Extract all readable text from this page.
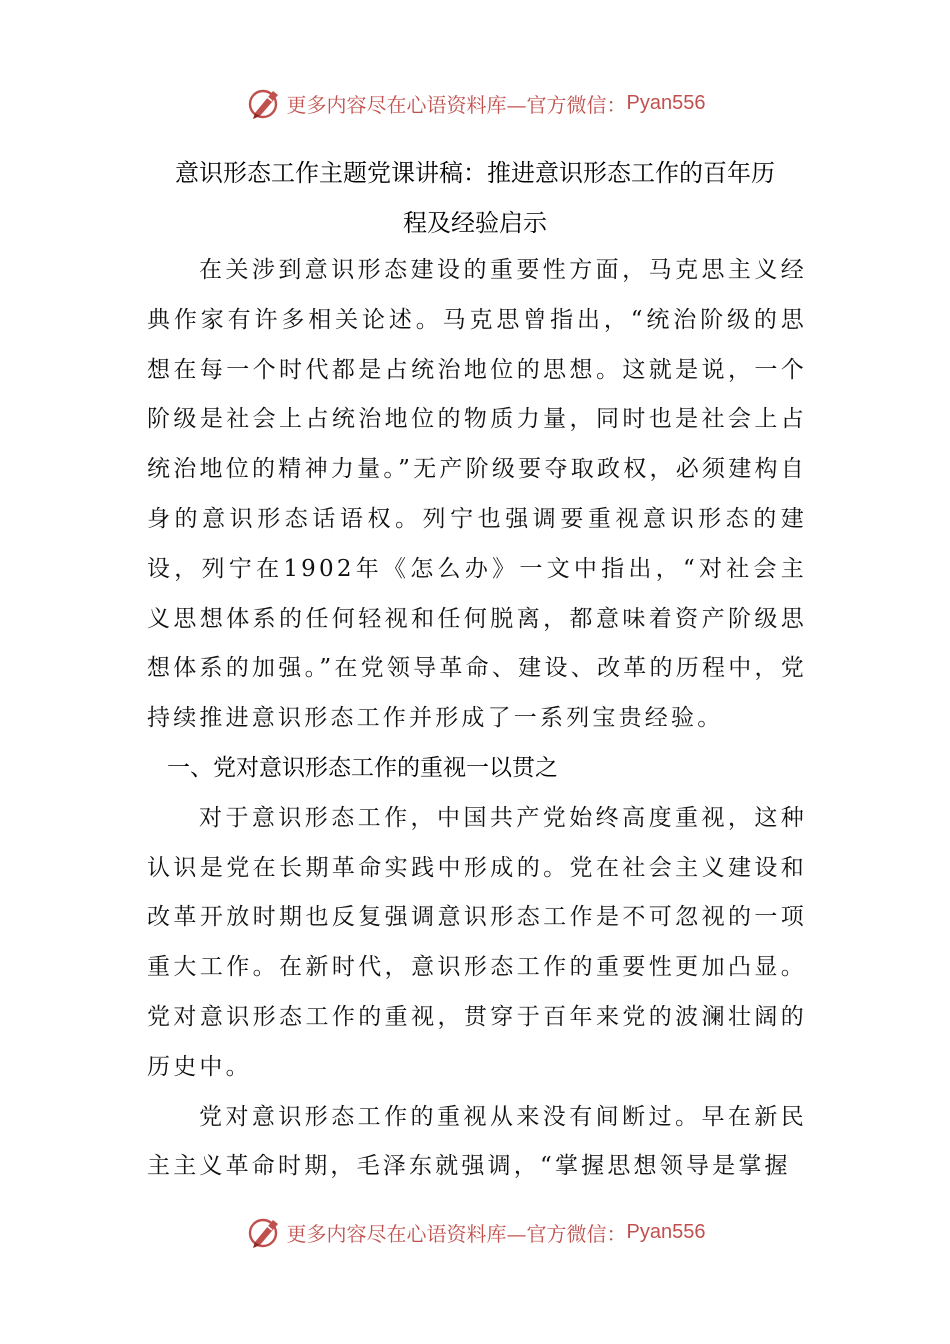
更多内容尽在心语资料库—官方微信： Pyan556
意识形态工作主题党课讲稿：推进意识形态工作的百年历
程及经验启示

在关涉到意识形态建设的重要性方面，马克思主义经典作家有许多相关论述。马克思曾指出，“统治阶级的思想在每一个时代都是占统治地位的思想。这就是说，一个阶级是社会上占统治地位的物质力量，同时也是社会上占统治地位的精神力量。”无产阶级要夺取政权，必须建构自身的意识形态话语权。列宁也强调要重视意识形态的建设，列宁在1902年《怎么办》一文中指出，“对社会主义思想体系的任何轻视和任何脱离，都意味着资产阶级思想体系的加强。”在党领导革命、建设、改革的历程中，党持续推进意识形态工作并形成了一系列宝贵经验。

一、党对意识形态工作的重视一以贯之

对于意识形态工作，中国共产党始终高度重视，这种认识是党在长期革命实践中形成的。党在社会主义建设和改革开放时期也反复强调意识形态工作是不可忽视的一项重大工作。在新时代，意识形态工作的重要性更加凸显。党对意识形态工作的重视，贯穿于百年来党的波澜壮阔的历史中。

党对意识形态工作的重视从来没有间断过。早在新民主主义革命时期，毛泽东就强调，“掌握思想领导是掌握

更多内容尽在心语资料库—官方微信： Pyan556
